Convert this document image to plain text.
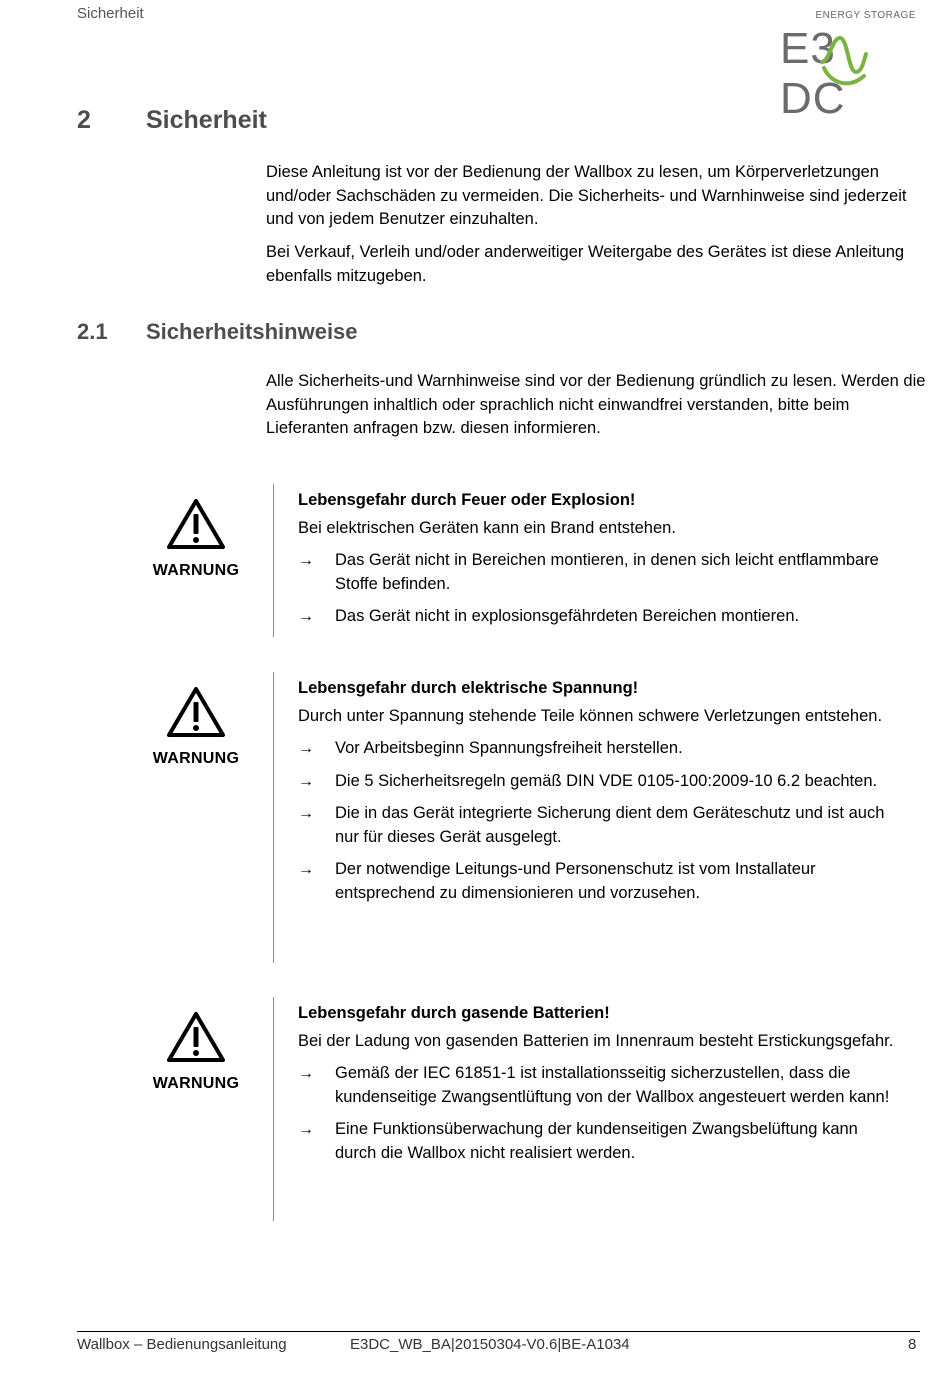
Sicherheit	ENERGY STORAGE
E3DC
2 Sicherheit

Diese Anleitung ist vor der Bedienung der Wallbox zu lesen, um Körperverletzungen und/oder Sachschäden zu vermeiden. Die Sicherheits- und Warnhinweise sind jederzeit und von jedem Benutzer einzuhalten.

Bei Verkauf, Verleih und/oder anderweitiger Weitergabe des Gerätes ist diese Anleitung ebenfalls mitzugeben.

2.1 Sicherheitshinweise

Alle Sicherheits-und Warnhinweise sind vor der Bedienung gründlich zu lesen. Werden die Ausführungen inhaltlich oder sprachlich nicht einwandfrei verstanden, bitte beim Lieferanten anfragen bzw. diesen informieren.

WARNUNG

Lebensgefahr durch Feuer oder Explosion!

Bei elektrischen Geräten kann ein Brand entstehen.

→ Das Gerät nicht in Bereichen montieren, in denen sich leicht entflammbare Stoffe befinden.

→ Das Gerät nicht in explosionsgefährdeten Bereichen montieren.

WARNUNG

Lebensgefahr durch elektrische Spannung!

Durch unter Spannung stehende Teile können schwere Verletzungen entstehen.

→ Vor Arbeitsbeginn Spannungsfreiheit herstellen.

→ Die 5 Sicherheitsregeln gemäß DIN VDE 0105-100:2009-10 6.2 beachten.

→ Die in das Gerät integrierte Sicherung dient dem Geräteschutz und ist auch nur für dieses Gerät ausgelegt.

→ Der notwendige Leitungs-und Personenschutz ist vom Installateur entsprechend zu dimensionieren und vorzusehen.

WARNUNG

Lebensgefahr durch gasende Batterien!

Bei der Ladung von gasenden Batterien im Innenraum besteht Erstickungsgefahr.

→ Gemäß der IEC 61851-1 ist installationsseitig sicherzustellen, dass die kundenseitige Zwangsentlüftung von der Wallbox angesteuert werden kann!

→ Eine Funktionsüberwachung der kundenseitigen Zwangsbelüftung kann durch die Wallbox nicht realisiert werden.

Wallbox – Bedienungsanleitung	E3DC_WB_BA|20150304-V0.6|BE-A1034	8
